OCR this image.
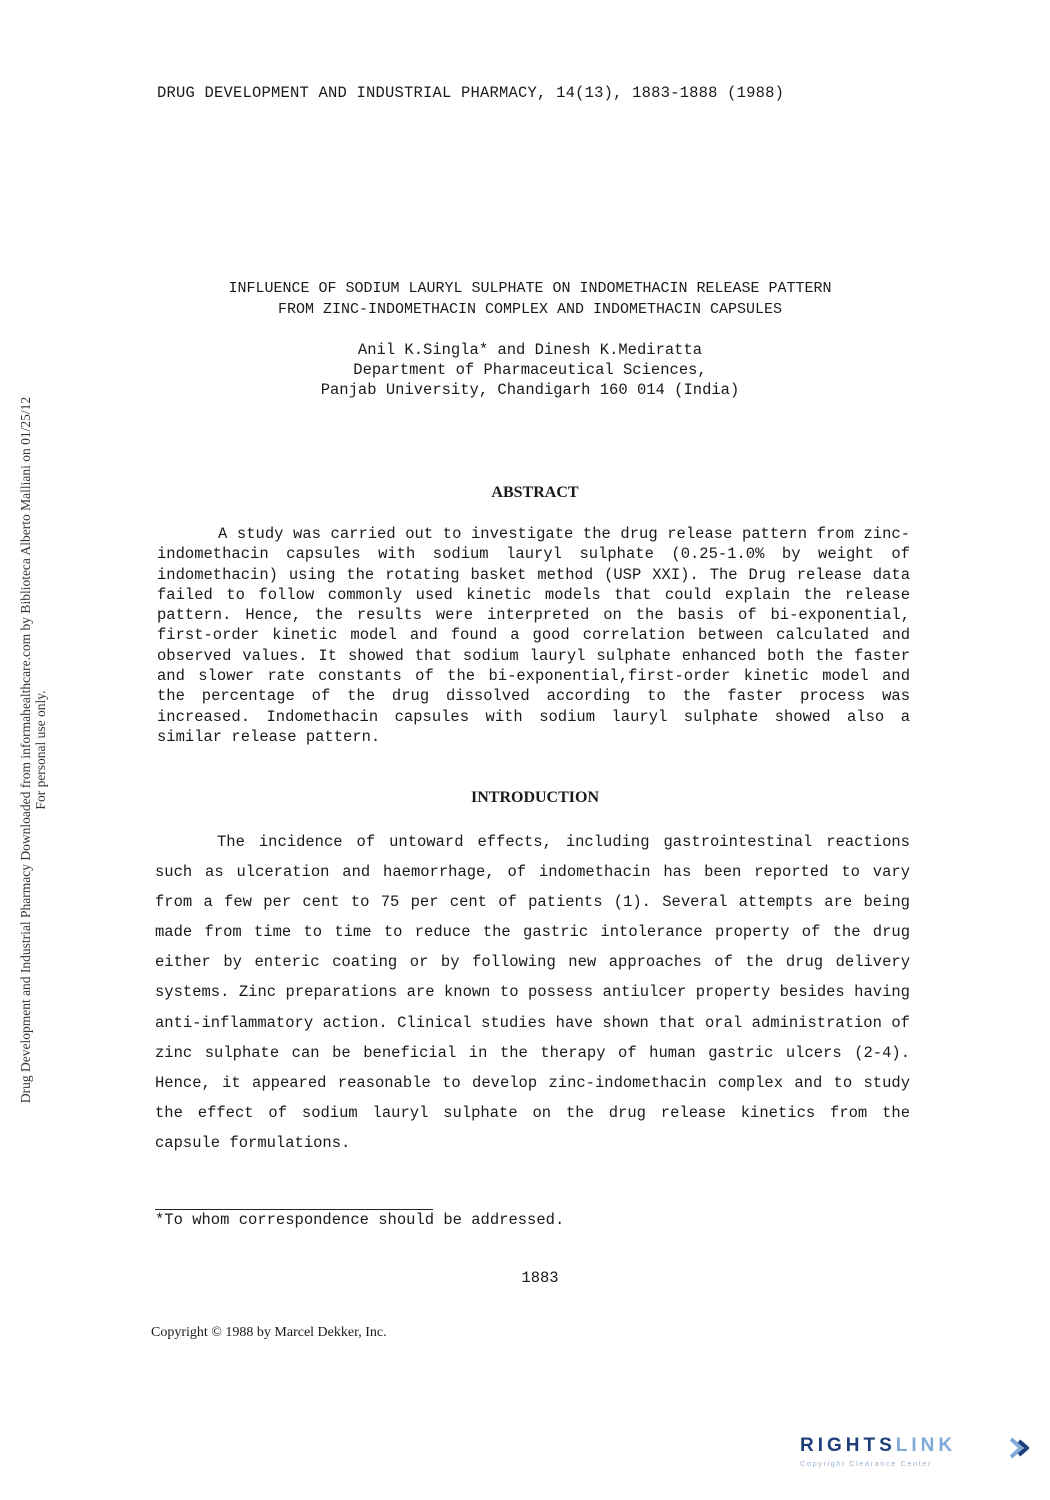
DRUG DEVELOPMENT AND INDUSTRIAL PHARMACY, 14(13), 1883-1888 (1988)
INFLUENCE OF SODIUM LAURYL SULPHATE ON INDOMETHACIN RELEASE PATTERN
FROM ZINC-INDOMETHACIN COMPLEX AND INDOMETHACIN CAPSULES
Anil K.Singla* and Dinesh K.Mediratta
Department of Pharmaceutical Sciences,
Panjab University, Chandigarh 160 014 (India)
ABSTRACT

A study was carried out to investigate the drug release pattern from zinc-indomethacin capsules with sodium lauryl sulphate (0.25-1.0% by weight of indomethacin) using the rotating basket method (USP XXI). The Drug release data failed to follow commonly used kinetic models that could explain the release pattern. Hence, the results were interpreted on the basis of bi-exponential, first-order kinetic model and found a good correlation between calculated and observed values. It showed that sodium lauryl sulphate enhanced both the faster and slower rate constants of the bi-exponential,first-order kinetic model and the percentage of the drug dissolved according to the faster process was increased. Indomethacin capsules with sodium lauryl sulphate showed also a similar release pattern.

INTRODUCTION

The incidence of untoward effects, including gastrointestinal reactions such as ulceration and haemorrhage, of indomethacin has been reported to vary from a few per cent to 75 per cent of patients (1). Several attempts are being made from time to time to reduce the gastric intolerance property of the drug either by enteric coating or by following new approaches of the drug delivery systems. Zinc preparations are known to possess antiulcer property besides having anti-inflammatory action. Clinical studies have shown that oral administration of zinc sulphate can be beneficial in the therapy of human gastric ulcers (2-4). Hence, it appeared reasonable to develop zinc-indomethacin complex and to study the effect of sodium lauryl sulphate on the drug release kinetics from the capsule formulations.

*To whom correspondence should be addressed.
1883
Copyright © 1988 by Marcel Dekker, Inc.
Drug Development and Industrial Pharmacy Downloaded from informahealthcare.com by Biblioteca Alberto Malliani on 01/25/12 For personal use only.
RIGHTSLINK
Copyright Clearance Center
